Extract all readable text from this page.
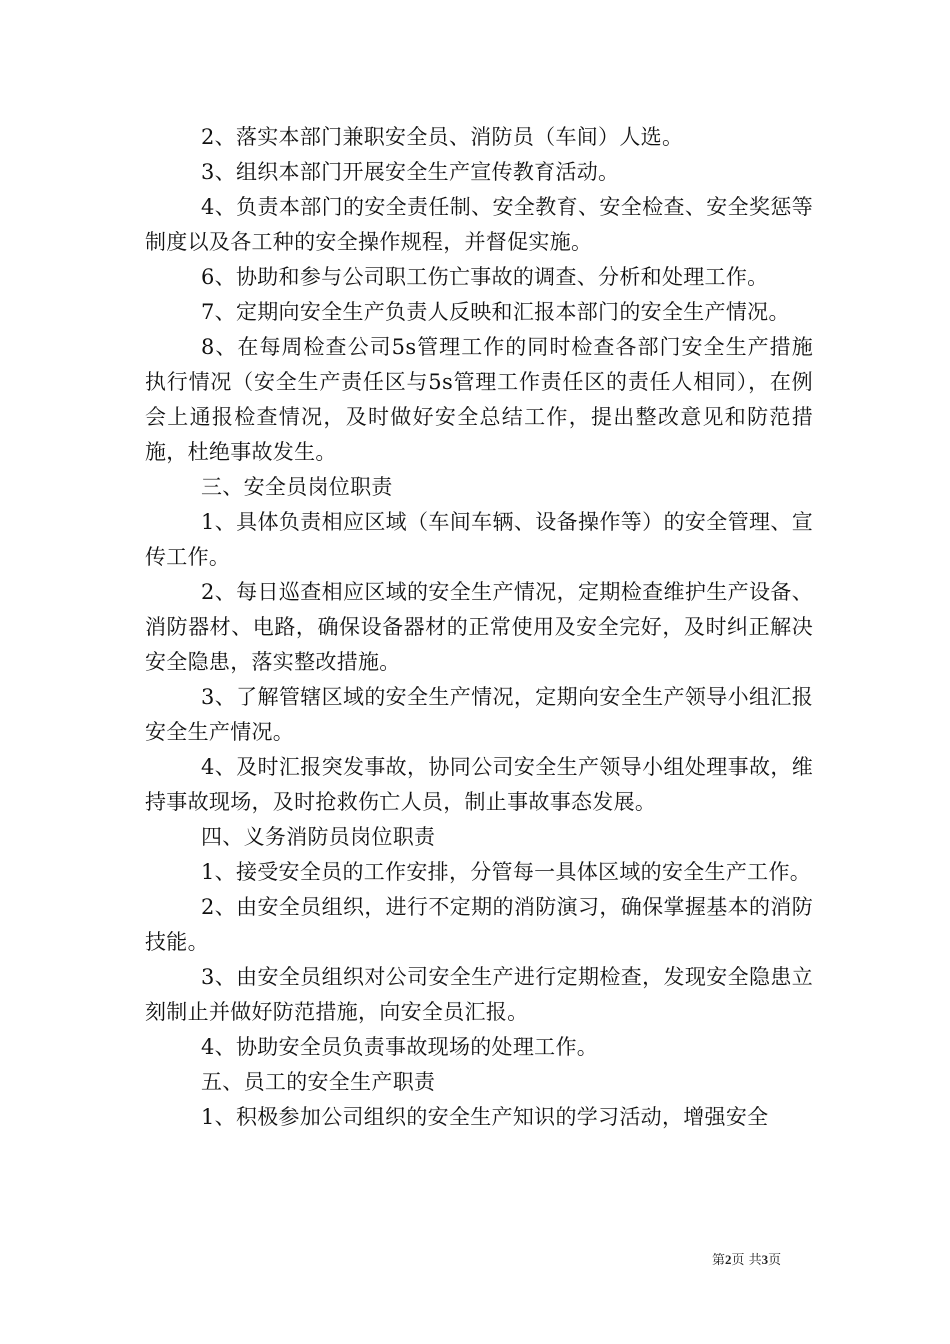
2、落实本部门兼职安全员、消防员（车间）人选。

3、组织本部门开展安全生产宣传教育活动。

4、负责本部门的安全责任制、安全教育、安全检查、安全奖惩等制度以及各工种的安全操作规程，并督促实施。

6、协助和参与公司职工伤亡事故的调查、分析和处理工作。

7、定期向安全生产负责人反映和汇报本部门的安全生产情况。

8、在每周检查公司5s管理工作的同时检查各部门安全生产措施执行情况（安全生产责任区与5s管理工作责任区的责任人相同），在例会上通报检查情况，及时做好安全总结工作，提出整改意见和防范措施，杜绝事故发生。

三、安全员岗位职责

1、具体负责相应区域（车间车辆、设备操作等）的安全管理、宣传工作。

2、每日巡查相应区域的安全生产情况，定期检查维护生产设备、消防器材、电路，确保设备器材的正常使用及安全完好，及时纠正解决安全隐患，落实整改措施。

3、了解管辖区域的安全生产情况，定期向安全生产领导小组汇报安全生产情况。

4、及时汇报突发事故，协同公司安全生产领导小组处理事故，维持事故现场，及时抢救伤亡人员，制止事故事态发展。

四、义务消防员岗位职责

1、接受安全员的工作安排，分管每一具体区域的安全生产工作。

2、由安全员组织，进行不定期的消防演习，确保掌握基本的消防技能。

3、由安全员组织对公司安全生产进行定期检查，发现安全隐患立刻制止并做好防范措施，向安全员汇报。

4、协助安全员负责事故现场的处理工作。

五、员工的安全生产职责

1、积极参加公司组织的安全生产知识的学习活动，增强安全

第2页 共3页
